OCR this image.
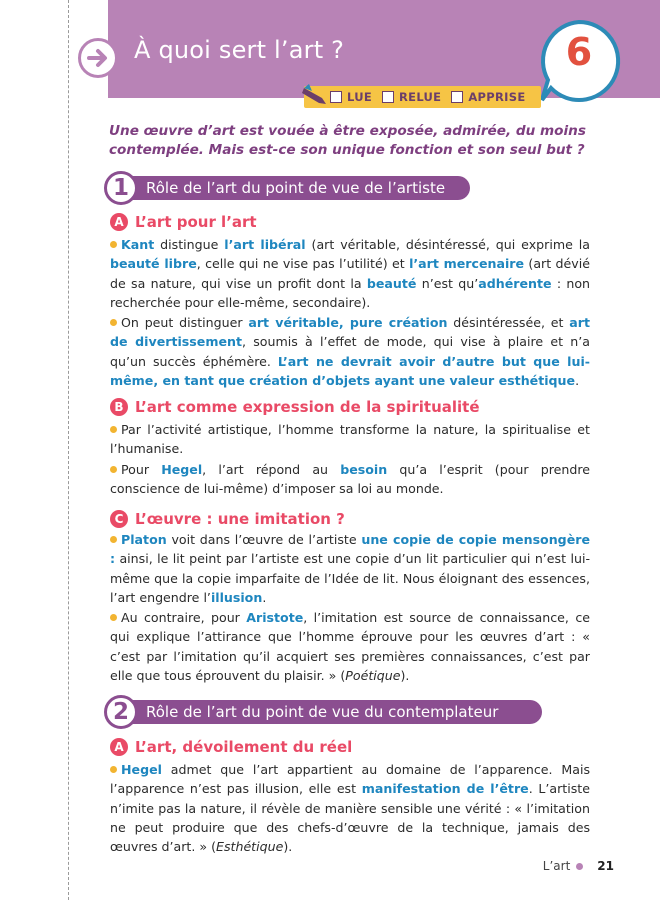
À quoi sert l’art ?	6
LUE RELUE APPRISE
Une œuvre d’art est vouée à être exposée, admirée, du moins contemplée. Mais est-ce son unique fonction et son seul but ?
1 Rôle de l’art du point de vue de l’artiste
A L’art pour l’art
Kant distingue l’art libéral (art véritable, désintéressé, qui exprime la beauté libre, celle qui ne vise pas l’utilité) et l’art mercenaire (art dévié de sa nature, qui vise un profit dont la beauté n’est qu’adhérente : non recherchée pour elle-même, secondaire).
On peut distinguer art véritable, pure création désintéressée, et art de divertissement, soumis à l’effet de mode, qui vise à plaire et n’a qu’un succès éphémère. L’art ne devrait avoir d’autre but que lui-même, en tant que création d’objets ayant une valeur esthétique.
B L’art comme expression de la spiritualité
Par l’activité artistique, l’homme transforme la nature, la spiritualise et l’humanise.
Pour Hegel, l’art répond au besoin qu’a l’esprit (pour prendre conscience de lui-même) d’imposer sa loi au monde.
C L’œuvre : une imitation ?
Platon voit dans l’œuvre de l’artiste une copie de copie mensongère : ainsi, le lit peint par l’artiste est une copie d’un lit particulier qui n’est lui-même que la copie imparfaite de l’Idée de lit. Nous éloignant des essences, l’art engendre l’illusion.
Au contraire, pour Aristote, l’imitation est source de connaissance, ce qui explique l’attirance que l’homme éprouve pour les œuvres d’art : « c’est par l’imitation qu’il acquiert ses premières connaissances, c’est par elle que tous éprouvent du plaisir. » (Poétique).
2 Rôle de l’art du point de vue du contemplateur
A L’art, dévoilement du réel
Hegel admet que l’art appartient au domaine de l’apparence. Mais l’apparence n’est pas illusion, elle est manifestation de l’être. L’artiste n’imite pas la nature, il révèle de manière sensible une vérité : « l’imitation ne peut produire que des chefs-d’œuvre de la technique, jamais des œuvres d’art. » (Esthétique).
L’art 21
